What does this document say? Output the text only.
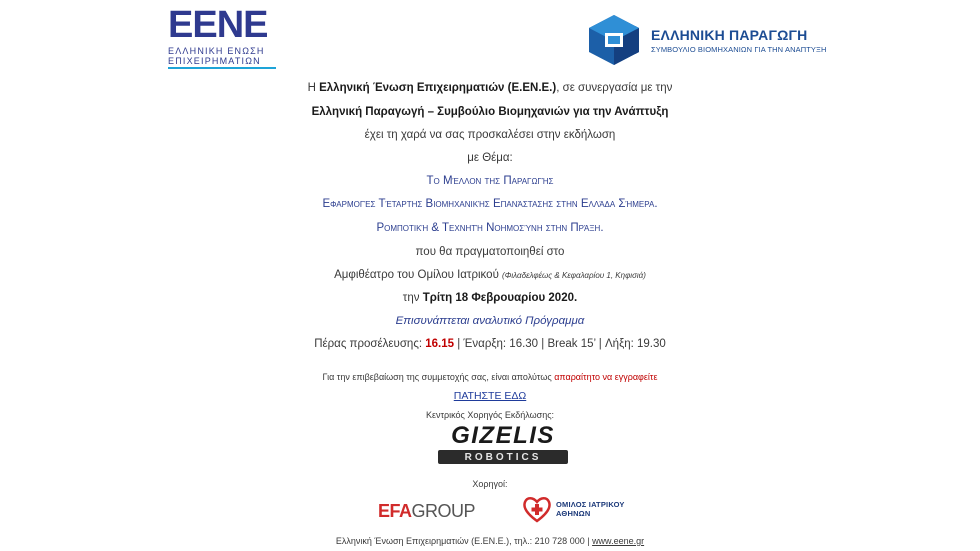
EENE
ΕΛΛΗΝΙΚΗ ΕΝΩΣΗ
ΕΠΙΧΕΙΡΗΜΑΤΙΩΝ
ΕΛΛΗΝΙΚΗ ΠΑΡΑΓΩΓΗ
ΣΥΜΒΟΥΛΙΟ ΒΙΟΜΗΧΑΝΙΩΝ ΓΙΑ ΤΗΝ ΑΝΑΠΤΥΞΗ
Η Ελληνική Ένωση Επιχειρηματιών (Ε.ΕΝ.Ε.), σε συνεργασία με την
Ελληνική Παραγωγή – Συμβούλιο Βιομηχανιών για την Ανάπτυξη
έχει τη χαρά να σας προσκαλέσει στην εκδήλωση
με Θέμα:
Το Μέλλον της Παραγωγής
Εφαρμογές Τέταρτης Βιομηχανικής Επανάστασης στην Ελλάδα Σήμερα.
Ρομποτική & Τεχνητή Νοημοσύνη στην Πράξη.
που θα πραγματοποιηθεί στο
Αμφιθέατρο του Ομίλου Ιατρικού (Φιλαδελφέως & Κεφαλαρίου 1, Κηφισιά)
την Τρίτη 18 Φεβρουαρίου 2020.
Επισυνάπτεται αναλυτικό Πρόγραμμα
Πέρας προσέλευσης: 16.15 | Έναρξη: 16.30 | Break 15’ | Λήξη: 19.30
Για την επιβεβαίωση της συμμετοχής σας, είναι απολύτως απαραίτητο να εγγραφείτε
ΠΑΤΗΣΤΕ ΕΔΩ
Κεντρικός Χορηγός Εκδήλωσης:
GIZELIS
ROBOTICS
Χορηγοί:
EFAGROUP	ΟΜΙΛΟΣ ΙΑΤΡΙΚΟΥ
ΑΘΗΝΩΝ
Ελληνική Ένωση Επιχειρηματιών (Ε.ΕΝ.Ε.), τηλ.: 210 728 000 | www.eene.gr
